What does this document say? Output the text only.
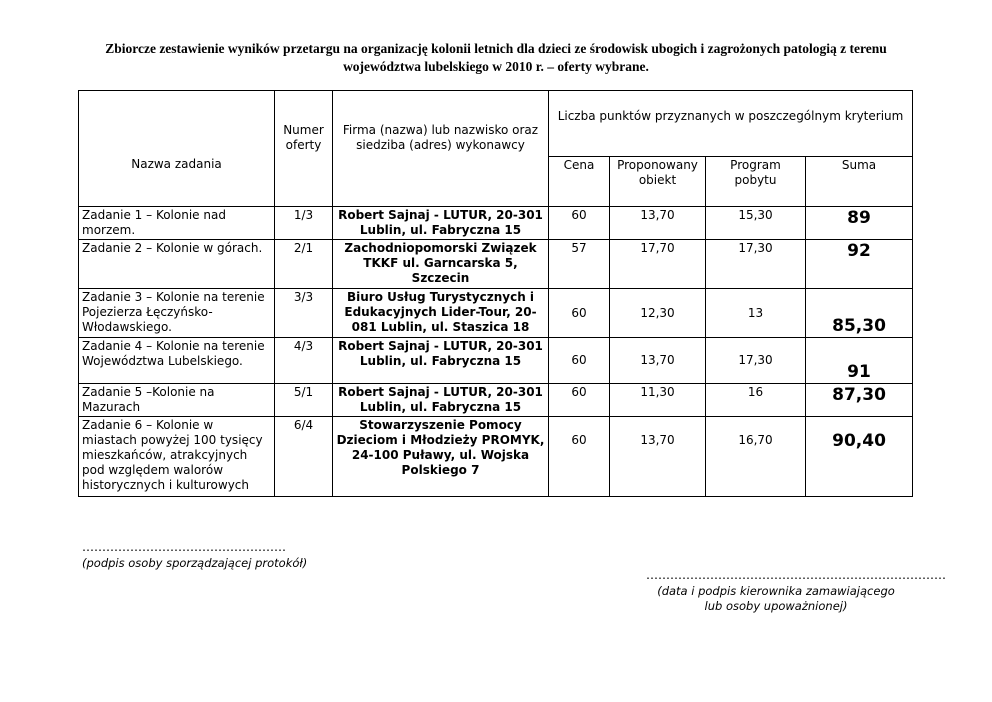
Zbiorcze zestawienie wyników przetargu na organizację kolonii letnich dla dzieci ze środowisk ubogich i zagrożonych patologią z terenu
województwa lubelskiego w 2010 r. – oferty wybrane.
Nazwa zadania	Numer oferty	Firma (nazwa) lub nazwisko oraz siedziba (adres) wykonawcy	Liczba punktów przyznanych w poszczególnym kryterium			
			Cena	Proponowany obiekt	Program pobytu	Suma
Zadanie 1 – Kolonie nad morzem.	1/3	Robert Sajnaj - LUTUR, 20-301 Lublin, ul. Fabryczna 15	60	13,70	15,30	89
Zadanie 2 – Kolonie w górach.	2/1	Zachodniopomorski Związek TKKF ul. Garncarska 5, Szczecin	57	17,70	17,30	92
Zadanie 3 – Kolonie na terenie Pojezierza Łęczyńsko-Włodawskiego.	3/3	Biuro Usług Turystycznych i Edukacyjnych Lider-Tour, 20-081 Lublin, ul. Staszica 18	60	12,30	13	85,30
Zadanie 4 – Kolonie na terenie Województwa Lubelskiego.	4/3	Robert Sajnaj - LUTUR, 20-301 Lublin, ul. Fabryczna 15	60	13,70	17,30	91
Zadanie 5 –Kolonie na Mazurach	5/1	Robert Sajnaj - LUTUR, 20-301 Lublin, ul. Fabryczna 15	60	11,30	16	87,30
Zadanie 6 – Kolonie w miastach powyżej 100 tysięcy mieszkańców, atrakcyjnych pod względem walorów historycznych i kulturowych	6/4	Stowarzyszenie Pomocy Dzieciom i Młodzieży PROMYK, 24-100 Puławy, ul. Wojska Polskiego 7	60	13,70	16,70	90,40
……………………………………………
(podpis osoby sporządzającej protokół)
…………………………………………………………………
(data i podpis kierownika zamawiającego lub osoby upoważnionej)
